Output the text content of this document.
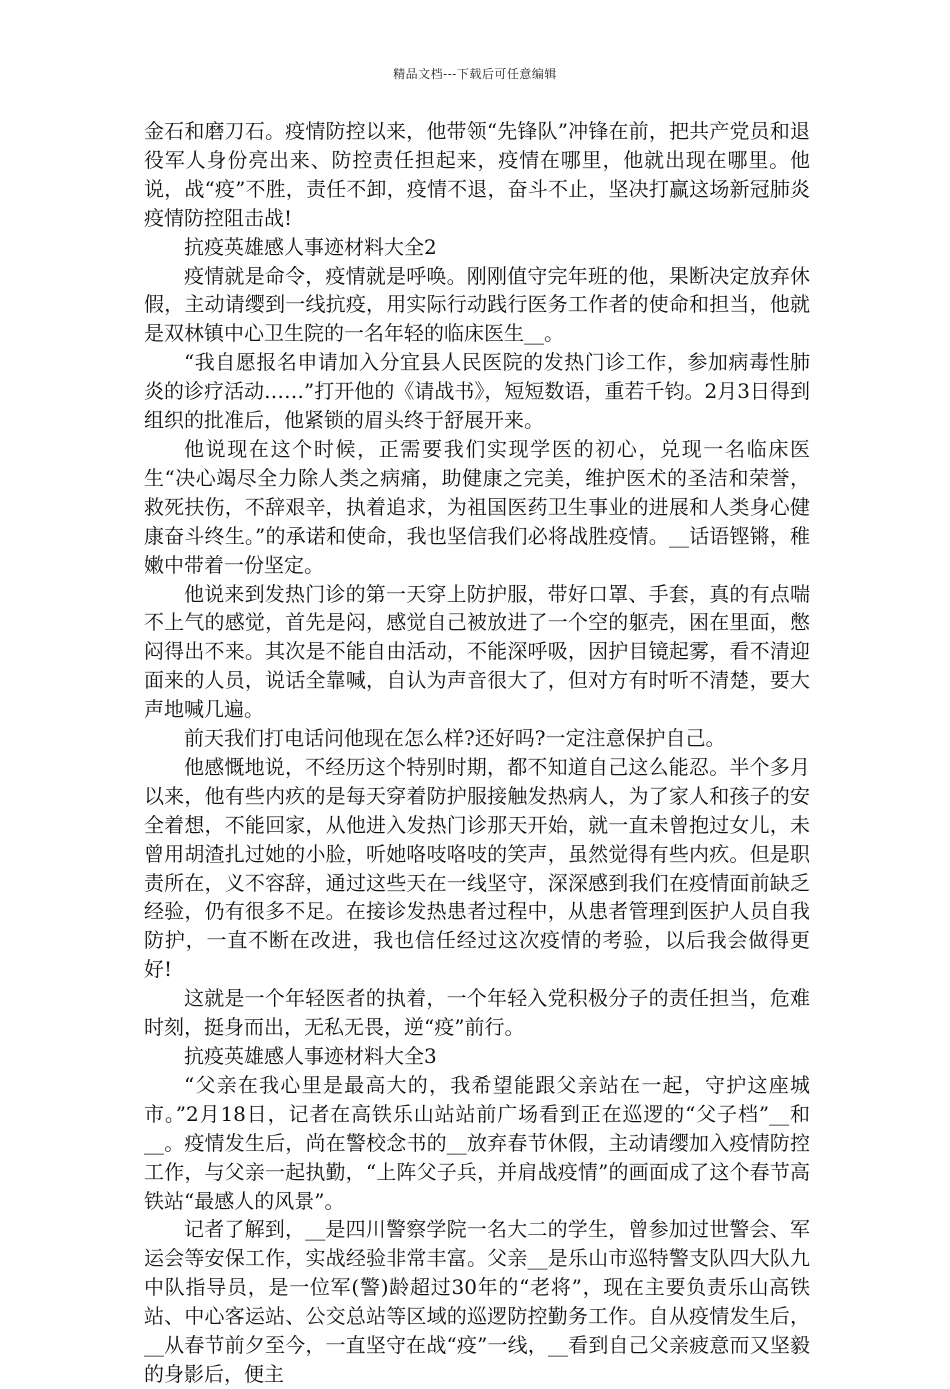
精品文档---下载后可任意编辑

金石和磨刀石。疫情防控以来，他带领“先锋队”冲锋在前，把共产党员和退役军人身份亮出来、防控责任担起来，疫情在哪里，他就出现在哪里。他说，战“疫”不胜，责任不卸，疫情不退，奋斗不止，坚决打赢这场新冠肺炎疫情防控阻击战!

抗疫英雄感人事迹材料大全2

疫情就是命令，疫情就是呼唤。刚刚值守完年班的他，果断决定放弃休假，主动请缨到一线抗疫，用实际行动践行医务工作者的使命和担当，他就是双林镇中心卫生院的一名年轻的临床医生__。

“我自愿报名申请加入分宜县人民医院的发热门诊工作，参加病毒性肺炎的诊疗活动……”打开他的《请战书》，短短数语，重若千钧。2月3日得到组织的批准后，他紧锁的眉头终于舒展开来。

他说现在这个时候，正需要我们实现学医的初心，兑现一名临床医生“决心竭尽全力除人类之病痛，助健康之完美，维护医术的圣洁和荣誉，救死扶伤，不辞艰辛，执着追求，为祖国医药卫生事业的进展和人类身心健康奋斗终生。”的承诺和使命，我也坚信我们必将战胜疫情。__话语铿锵，稚嫩中带着一份坚定。

他说来到发热门诊的第一天穿上防护服，带好口罩、手套，真的有点喘不上气的感觉，首先是闷，感觉自己被放进了一个空的躯壳，困在里面，憋闷得出不来。其次是不能自由活动，不能深呼吸，因护目镜起雾，看不清迎面来的人员，说话全靠喊，自认为声音很大了，但对方有时听不清楚，要大声地喊几遍。

前天我们打电话问他现在怎么样?还好吗?一定注意保护自己。

他感慨地说，不经历这个特别时期，都不知道自己这么能忍。半个多月以来，他有些内疚的是每天穿着防护服接触发热病人，为了家人和孩子的安全着想，不能回家，从他进入发热门诊那天开始，就一直未曾抱过女儿，未曾用胡渣扎过她的小脸，听她咯吱咯吱的笑声，虽然觉得有些内疚。但是职责所在，义不容辞，通过这些天在一线坚守，深深感到我们在疫情面前缺乏经验，仍有很多不足。在接诊发热患者过程中，从患者管理到医护人员自我防护，一直不断在改进，我也信任经过这次疫情的考验，以后我会做得更好!

这就是一个年轻医者的执着，一个年轻入党积极分子的责任担当，危难时刻，挺身而出，无私无畏，逆“疫”前行。

抗疫英雄感人事迹材料大全3

“父亲在我心里是最高大的，我希望能跟父亲站在一起，守护这座城市。”2月18日，记者在高铁乐山站站前广场看到正在巡逻的“父子档”__和__。疫情发生后，尚在警校念书的__放弃春节休假，主动请缨加入疫情防控工作，与父亲一起执勤，“上阵父子兵，并肩战疫情”的画面成了这个春节高铁站“最感人的风景”。

记者了解到，__是四川警察学院一名大二的学生，曾参加过世警会、军运会等安保工作，实战经验非常丰富。父亲__是乐山市巡特警支队四大队九中队指导员，是一位军(警)龄超过30年的“老将”，现在主要负责乐山高铁站、中心客运站、公交总站等区域的巡逻防控勤务工作。自从疫情发生后，__从春节前夕至今，一直坚守在战“疫”一线，__看到自己父亲疲意而又坚毅的身影后，便主
